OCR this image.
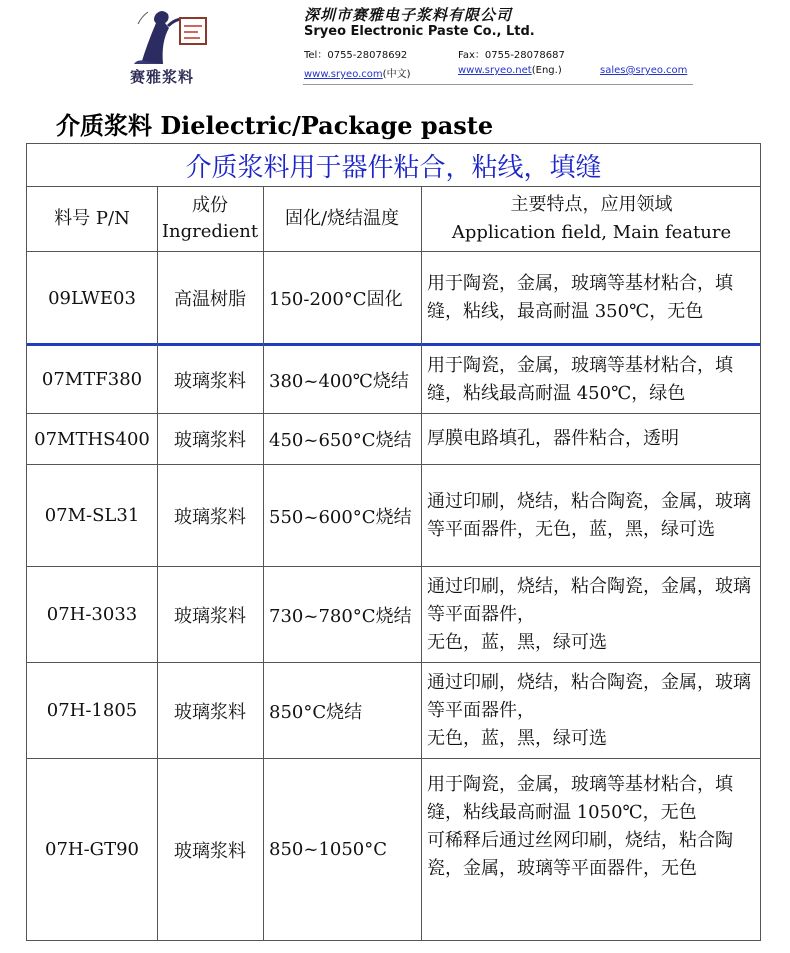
赛雅浆料
深圳市赛雅电子浆料有限公司
Sryeo Electronic Paste Co., Ltd.
Tel：0755-28078692	Fax：0755-28078687
www.sryeo.com(中文)	www.sryeo.net(Eng.)	sales@sryeo.com
介质浆料 Dielectric/Package paste
介质浆料用于器件粘合，粘线，填缝
料号 P/N
成份
Ingredient
固化/烧结温度
主要特点，应用领域
Application field, Main feature
09LWE03	高温树脂	150-200°C固化
用于陶瓷，金属，玻璃等基材粘合，填缝，粘线，最高耐温 350℃，无色
07MTF380	玻璃浆料	380~400℃烧结
用于陶瓷，金属，玻璃等基材粘合，填缝，粘线最高耐温 450℃，绿色
07MTHS400	玻璃浆料	450~650°C烧结 厚膜电路填孔，器件粘合，透明
07M-SL31	玻璃浆料	550~600°C烧结
通过印刷，烧结，粘合陶瓷，金属，玻璃等平面器件，无色，蓝，黑，绿可选
07H-3033	玻璃浆料	730~780°C烧结
通过印刷，烧结，粘合陶瓷，金属，玻璃等平面器件，
无色，蓝，黑，绿可选
07H-1805	玻璃浆料	850°C烧结
通过印刷，烧结，粘合陶瓷，金属，玻璃等平面器件，
无色，蓝，黑，绿可选
07H-GT90	玻璃浆料	850~1050°C
用于陶瓷，金属，玻璃等基材粘合，填缝，粘线最高耐温 1050℃，无色
可稀释后通过丝网印刷，烧结，粘合陶瓷，金属，玻璃等平面器件，无色
